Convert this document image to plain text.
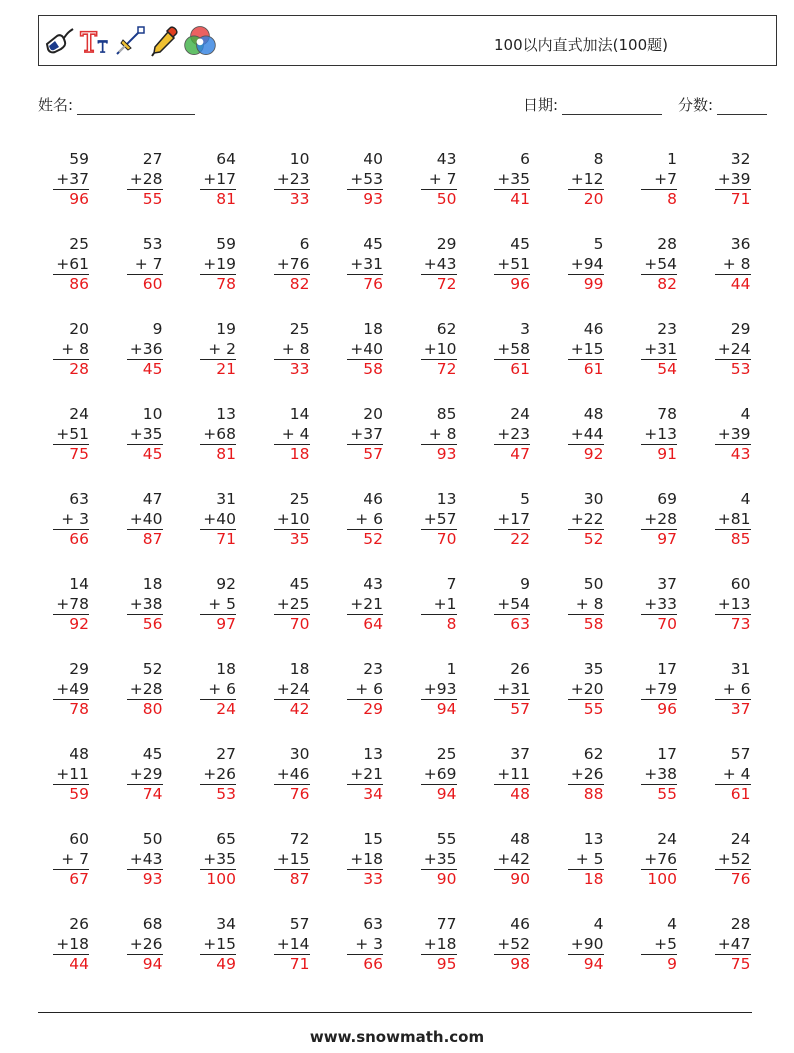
100以内直式加法(100题)
姓名:	日期:	分数:
59
+37
96
27
+28
55
64
+17
81
10
+23
33
40
+53
93
43
+ 7
50
6
+35
41
8
+12
20
1
+7
8
32
+39
71
25
+61
86
53
+ 7
60
59
+19
78
6
+76
82
45
+31
76
29
+43
72
45
+51
96
5
+94
99
28
+54
82
36
+ 8
44
20
+ 8
28
9
+36
45
19
+ 2
21
25
+ 8
33
18
+40
58
62
+10
72
3
+58
61
46
+15
61
23
+31
54
29
+24
53
24
+51
75
10
+35
45
13
+68
81
14
+ 4
18
20
+37
57
85
+ 8
93
24
+23
47
48
+44
92
78
+13
91
4
+39
43
63
+ 3
66
47
+40
87
31
+40
71
25
+10
35
46
+ 6
52
13
+57
70
5
+17
22
30
+22
52
69
+28
97
4
+81
85
14
+78
92
18
+38
56
92
+ 5
97
45
+25
70
43
+21
64
7
+1
8
9
+54
63
50
+ 8
58
37
+33
70
60
+13
73
29
+49
78
52
+28
80
18
+ 6
24
18
+24
42
23
+ 6
29
1
+93
94
26
+31
57
35
+20
55
17
+79
96
31
+ 6
37
48
+11
59
45
+29
74
27
+26
53
30
+46
76
13
+21
34
25
+69
94
37
+11
48
62
+26
88
17
+38
55
57
+ 4
61
60
+ 7
67
50
+43
93
65
+35
100
72
+15
87
15
+18
33
55
+35
90
48
+42
90
13
+ 5
18
24
+76
100
24
+52
76
26
+18
44
68
+26
94
34
+15
49
57
+14
71
63
+ 3
66
77
+18
95
46
+52
98
4
+90
94
4
+5
9
28
+47
75
www.snowmath.com
